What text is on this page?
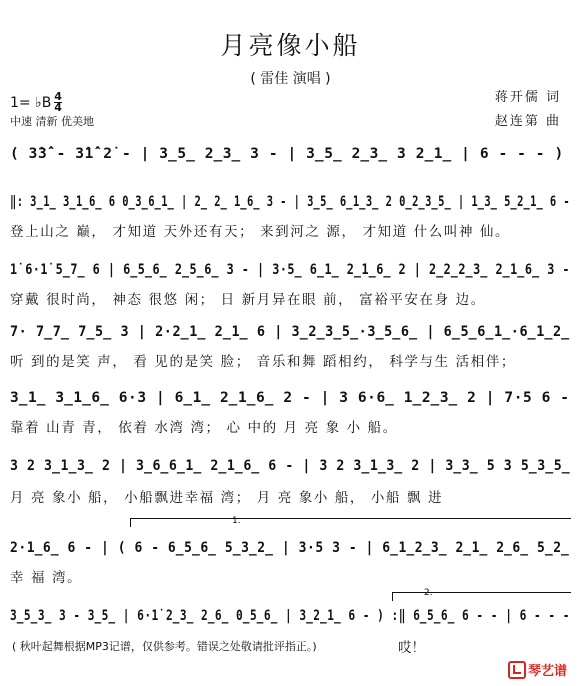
月亮像小船
( 雷佳 演唱 )
1= ♭B $\frac{4}{4}$
中速 清新 优美地
蒋开儒 词
赵连第 曲
( 3̇3̇̂ - 3̇1̇̂ 2̇ - | 3̲5̲ 2̲3̲ 3 - | 3̲5̲ 2̲3̲ 3 2̲1̲ | 6 - - - )
‖: 3̲1̲ 3̲1̲6̲ 6 0̲3̲6̲1̲ | 2̲ 2̲ 1̲6̲ 3 - | 3̲5̲ 6̲1̲3̲ 2 0̲2̲3̲5̲ | 1̲3̲ 5̲2̲1̲ 6 -
登上山之 巅， 才知道 天外还有天； 来到河之 源， 才知道 什么叫神 仙。
1̇ 6·1̇ 5̲7̲ 6 | 6̲5̲6̲ 2̲5̲6̲ 3 - | 3·5̲ 6̲1̲ 2̲1̲6̲ 2 | 2̲2̲2̲3̲ 2̲1̲6̲ 3 -
穿戴 很时尚， 神态 很悠 闲； 日 新月异在眼 前， 富裕平安在身 边。
7· 7̲7̲ 7̲5̲ 3 | 2·2̲1̲ 2̲1̲ 6 | 3̲2̲3̲5̲·3̲5̲6̲ | 6̲5̲6̲1̲·6̲1̲2̲
听 到的是笑 声， 看 见的是笑 脸； 音乐和舞 蹈相约， 科学与生 活相伴；
3̲1̲ 3̲1̲6̲ 6·3 | 6̲1̲ 2̲1̲6̲ 2 - | 3 6·6̲ 1̲2̲3̲ 2 | 7·5 6 -
靠着 山青 青， 依着 水湾 湾； 心 中的 月 亮 象 小 船。
3 2 3̲1̲3̲ 2 | 3̲6̲6̲1̲ 2̲1̲6̲ 6 - | 3 2 3̲1̲3̲ 2 | 3̲3̲ 5 3 5̲3̲5̲
月 亮 象小 船， 小船飘进幸福 湾； 月 亮 象小 船， 小船 飘 进
1.
2·1̲6̲ 6 - | ( 6 - 6̲5̲6̲ 5̲3̲2̲ | 3·5 3 - | 6̲1̲2̲3̲ 2̲1̲ 2̲6̲ 5̲2̲
幸 福 湾。
2.
3̲5̲3̲ 3 - 3̲5̲ | 6·1̇ 2̲3̲ 2̲6̲ 0̲5̲6̲ | 3̲2̲1̲ 6 - ) :‖ 6̲5̲6̲ 6 - - | 6 - - -
哎！
( 秋叶起舞根据MP3记谱，仅供参考。错误之处敬请批评指正。)
琴艺谱
